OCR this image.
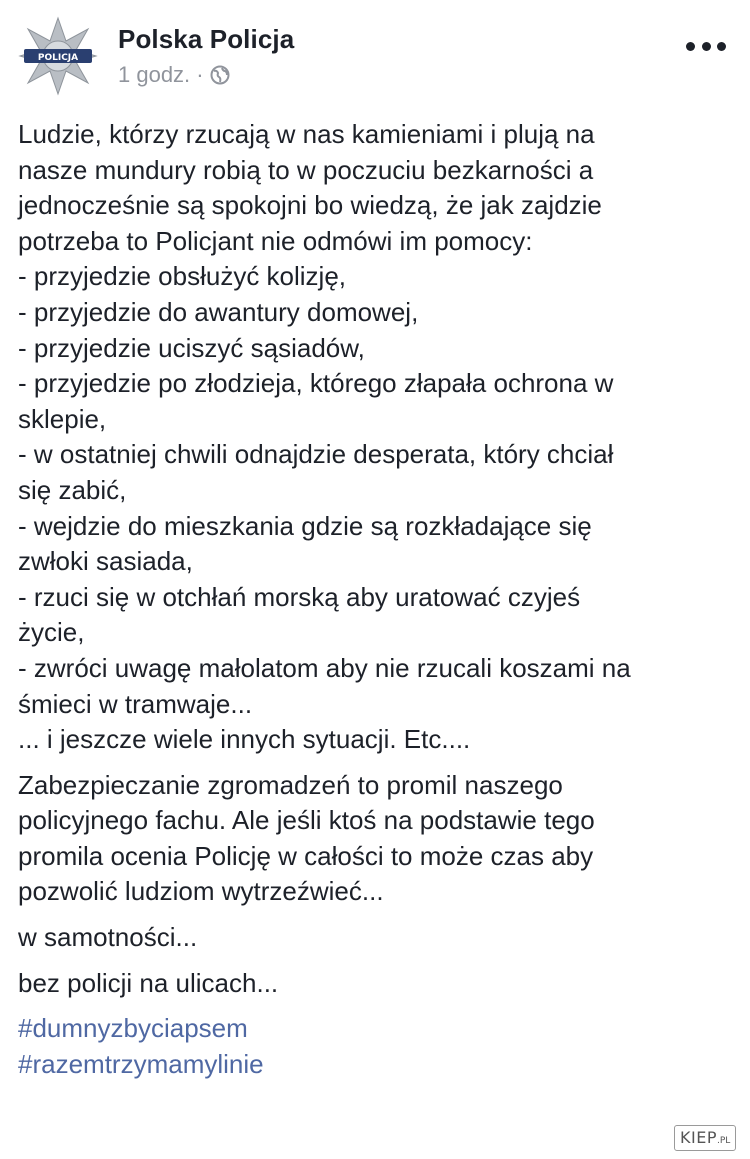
POLICJA
Polska Policja
1 godz. ·
Ludzie, którzy rzucają w nas kamieniami i plują na
nasze mundury robią to w poczuciu bezkarności a
jednocześnie są spokojni bo wiedzą, że jak zajdzie
potrzeba to Policjant nie odmówi im pomocy:
- przyjedzie obsłużyć kolizję,
- przyjedzie do awantury domowej,
- przyjedzie uciszyć sąsiadów,
- przyjedzie po złodzieja, którego złapała ochrona w
sklepie,
- w ostatniej chwili odnajdzie desperata, który chciał
się zabić,
- wejdzie do mieszkania gdzie są rozkładające się
zwłoki sasiada,
- rzuci się w otchłań morską aby uratować czyjeś
życie,
- zwróci uwagę małolatom aby nie rzucali koszami na
śmieci w tramwaje...
... i jeszcze wiele innych sytuacji. Etc....
Zabezpieczanie zgromadzeń to promil naszego
policyjnego fachu. Ale jeśli ktoś na podstawie tego
promila ocenia Policję w całości to może czas aby
pozwolić ludziom wytrzeźwieć...
w samotności...
bez policji na ulicach...
#dumnyzbyciapsem
#razemtrzymamylinie
KIEP.PL
